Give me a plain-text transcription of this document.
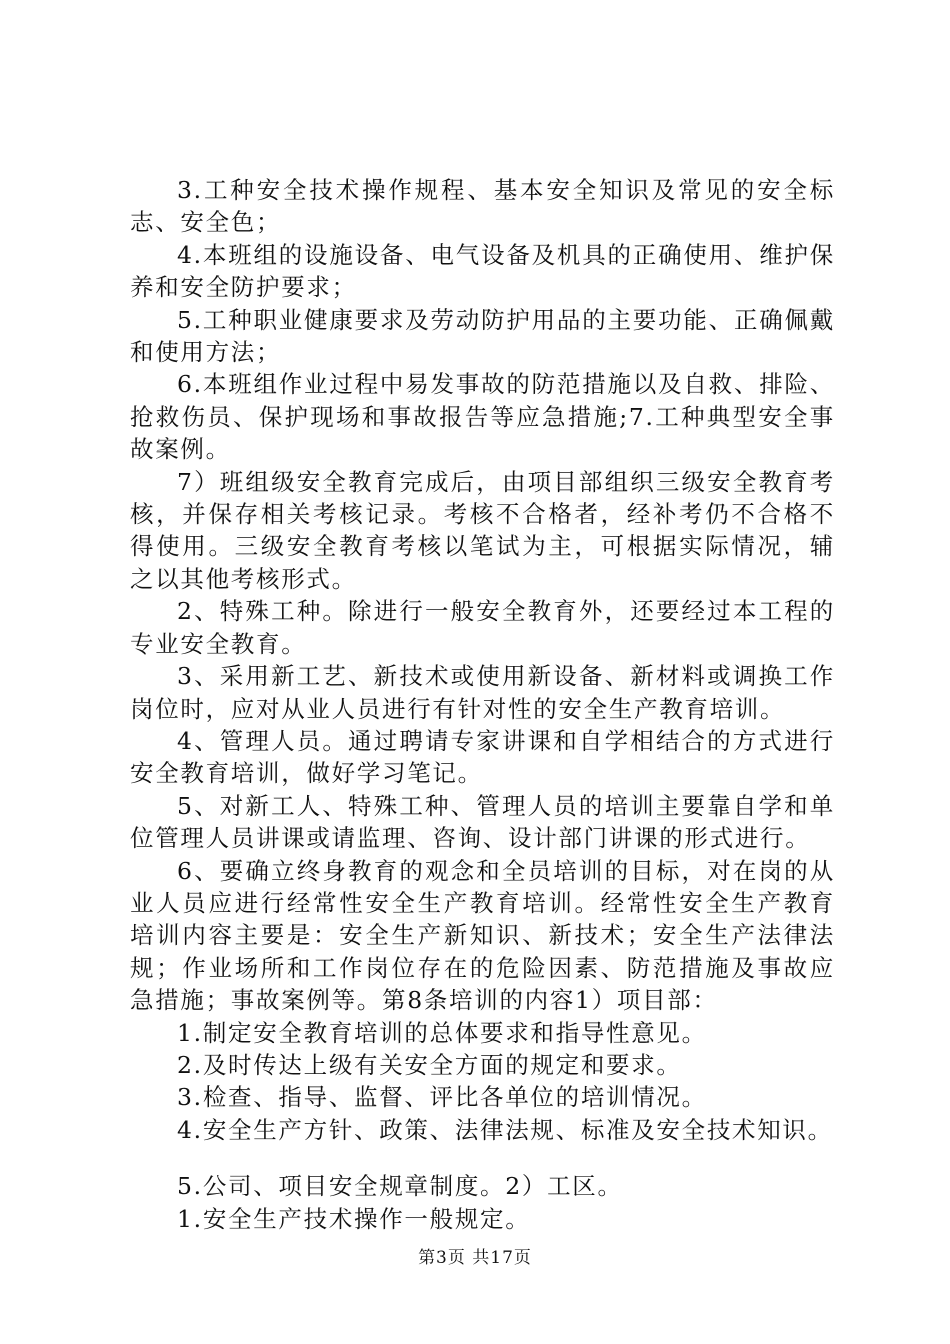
3.工种安全技术操作规程、基本安全知识及常见的安全标志、安全色；

4.本班组的设施设备、电气设备及机具的正确使用、维护保养和安全防护要求；

5.工种职业健康要求及劳动防护用品的主要功能、正确佩戴和使用方法；

6.本班组作业过程中易发事故的防范措施以及自救、排险、抢救伤员、保护现场和事故报告等应急措施;7.工种典型安全事故案例。

7）班组级安全教育完成后，由项目部组织三级安全教育考核，并保存相关考核记录。考核不合格者，经补考仍不合格不得使用。三级安全教育考核以笔试为主，可根据实际情况，辅之以其他考核形式。

2、特殊工种。除进行一般安全教育外，还要经过本工程的专业安全教育。

3、采用新工艺、新技术或使用新设备、新材料或调换工作岗位时，应对从业人员进行有针对性的安全生产教育培训。

4、管理人员。通过聘请专家讲课和自学相结合的方式进行安全教育培训，做好学习笔记。

5、对新工人、特殊工种、管理人员的培训主要靠自学和单位管理人员讲课或请监理、咨询、设计部门讲课的形式进行。

6、要确立终身教育的观念和全员培训的目标，对在岗的从业人员应进行经常性安全生产教育培训。经常性安全生产教育培训内容主要是：安全生产新知识、新技术；安全生产法律法规；作业场所和工作岗位存在的危险因素、防范措施及事故应急措施；事故案例等。第8条培训的内容1）项目部：

1.制定安全教育培训的总体要求和指导性意见。

2.及时传达上级有关安全方面的规定和要求。

3.检查、指导、监督、评比各单位的培训情况。

4.安全生产方针、政策、法律法规、标准及安全技术知识。

5.公司、项目安全规章制度。2）工区。

1.安全生产技术操作一般规定。

第3页 共17页
